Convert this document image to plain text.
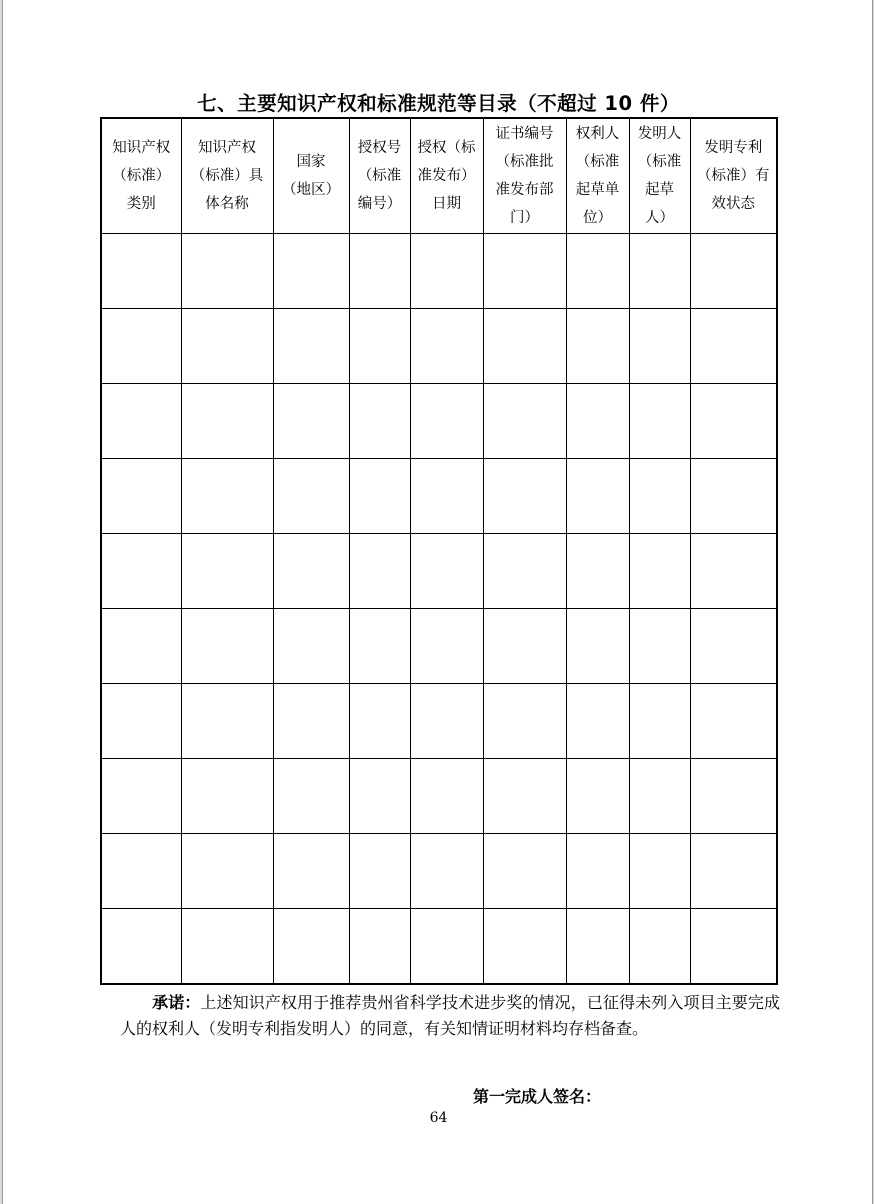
七、主要知识产权和标准规范等目录（不超过 10 件）
知识产权
（标准）
类别	知识产权
（标准）具
体名称	国家
（地区）	授权号
（标准
编号）	授权（标
准发布）
日期	证书编号
（标准批
准发布部
门）	权利人
（标准
起草单
位）	发明人
（标准
起草
人）	发明专利
（标准）有
效状态

承诺：上述知识产权用于推荐贵州省科学技术进步奖的情况，已征得未列入项目主要完成人的权利人（发明专利指发明人）的同意，有关知情证明材料均存档备查。
第一完成人签名：
64
